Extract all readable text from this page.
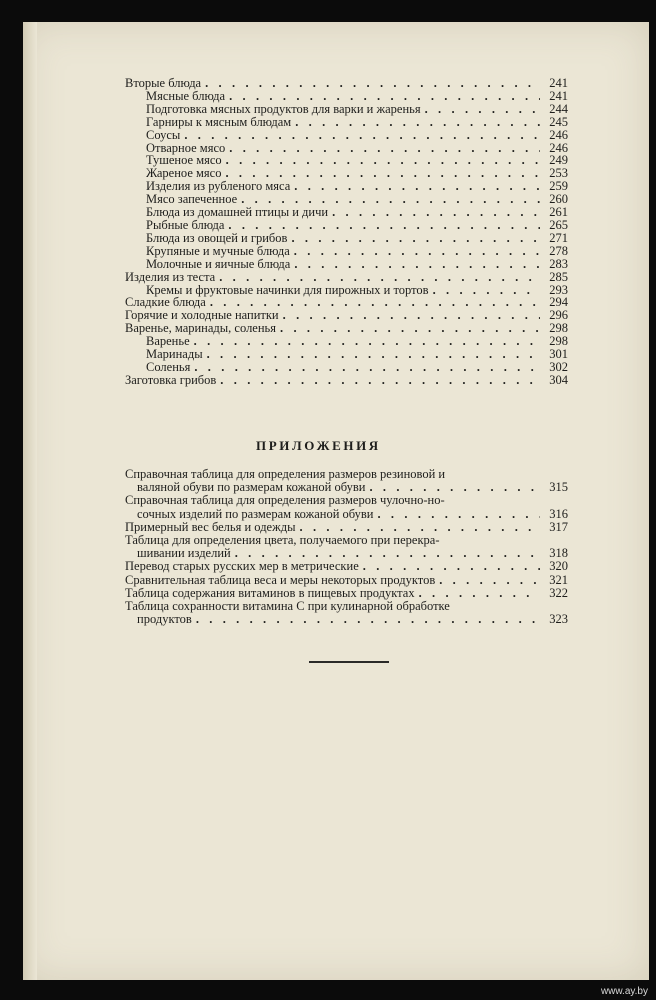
Вторые блюда . . .	241
Мясные блюда . . .	241
Подготовка мясных продуктов для варки и жаренья . . .	244
Гарниры к мясным блюдам . . .	245
Соусы . . .	246
Отварное мясо . . .	246
Тушеное мясо . . .	249
Жареное мясо . . .	253
Изделия из рубленого мяса . . .	259
Мясо запеченное . . .	260
Блюда из домашней птицы и дичи . . .	261
Рыбные блюда . . .	265
Блюда из овощей и грибов . . .	271
Крупяные и мучные блюда . . .	278
Молочные и яичные блюда . . .	283
Изделия из теста . . .	285
Кремы и фруктовые начинки для пирожных и тортов . . .	293
Сладкие блюда . . .	294
Горячие и холодные напитки . . .	296
Варенье, маринады, соленья . . .	298
Варенье . . .	298
Маринады . . .	301
Соленья . . .	302
Заготовка грибов . . .	304
ПРИЛОЖЕНИЯ
Справочная таблица для определения размеров резиновой и
валяной обуви по размерам кожаной обуви . . .	315
Справочная таблица для определения размеров чулочно-но-
сочных изделий по размерам кожаной обуви . . .	316
Примерный вес белья и одежды . . .	317
Таблица для определения цвета, получаемого при перекра-
шивании изделий . . .	318
Перевод старых русских мер в метрические . . .	320
Сравнительная таблица веса и меры некоторых продуктов . . .	321
Таблица содержания витаминов в пищевых продуктах . . .	322
Таблица сохранности витамина C при кулинарной обработке
продуктов . . .	323
www.ay.by
